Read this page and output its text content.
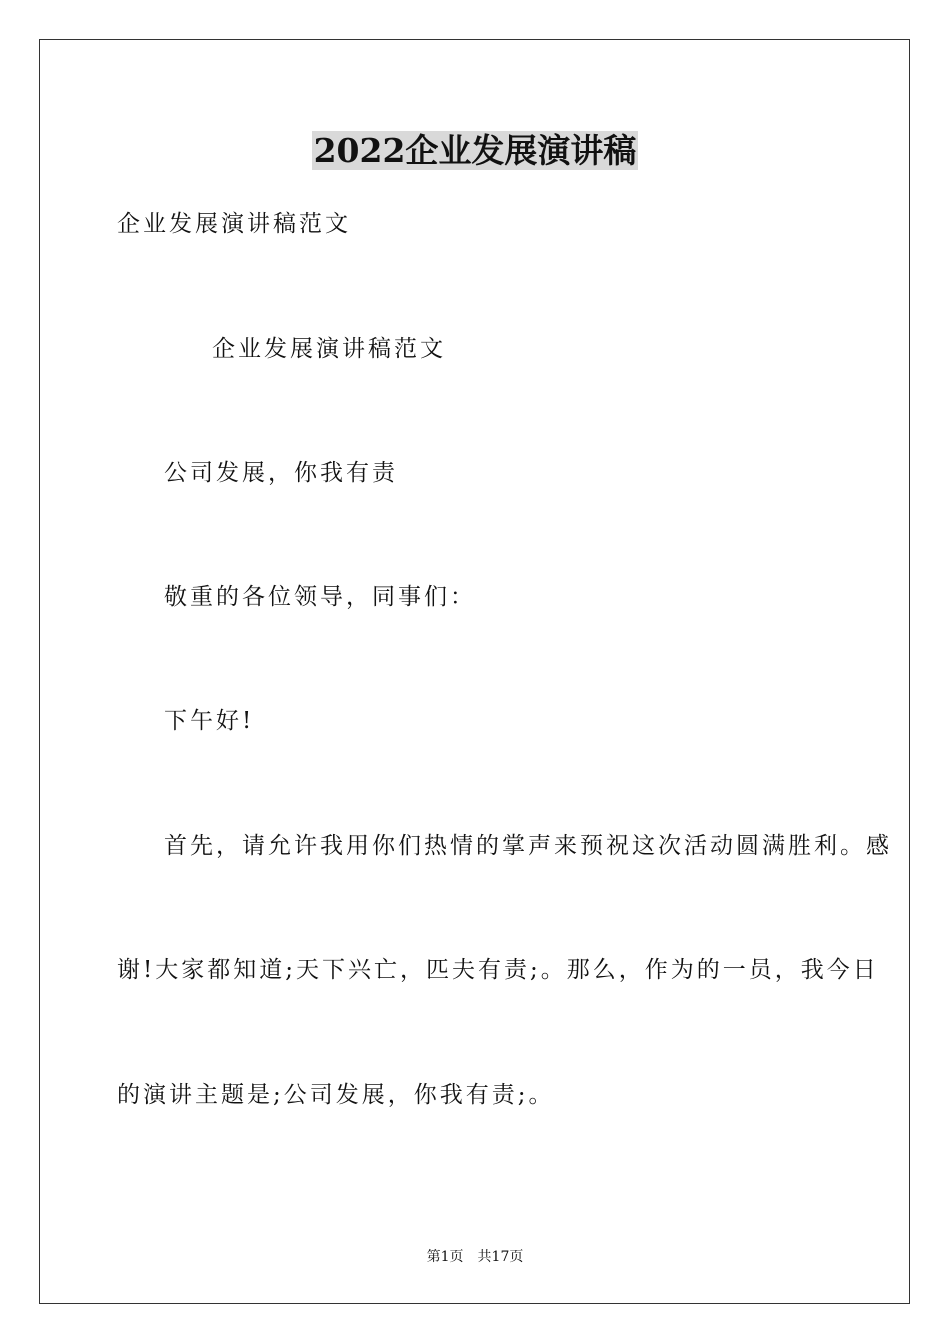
2022企业发展演讲稿

企业发展演讲稿范文

企业发展演讲稿范文

公司发展，你我有责

敬重的各位领导，同事们：

下午好!

首先，请允许我用你们热情的掌声来预祝这次活动圆满胜利。感

谢!大家都知道;天下兴亡，匹夫有责;。那么，作为的一员，我今日

的演讲主题是;公司发展，你我有责;。

第1页　共17页
